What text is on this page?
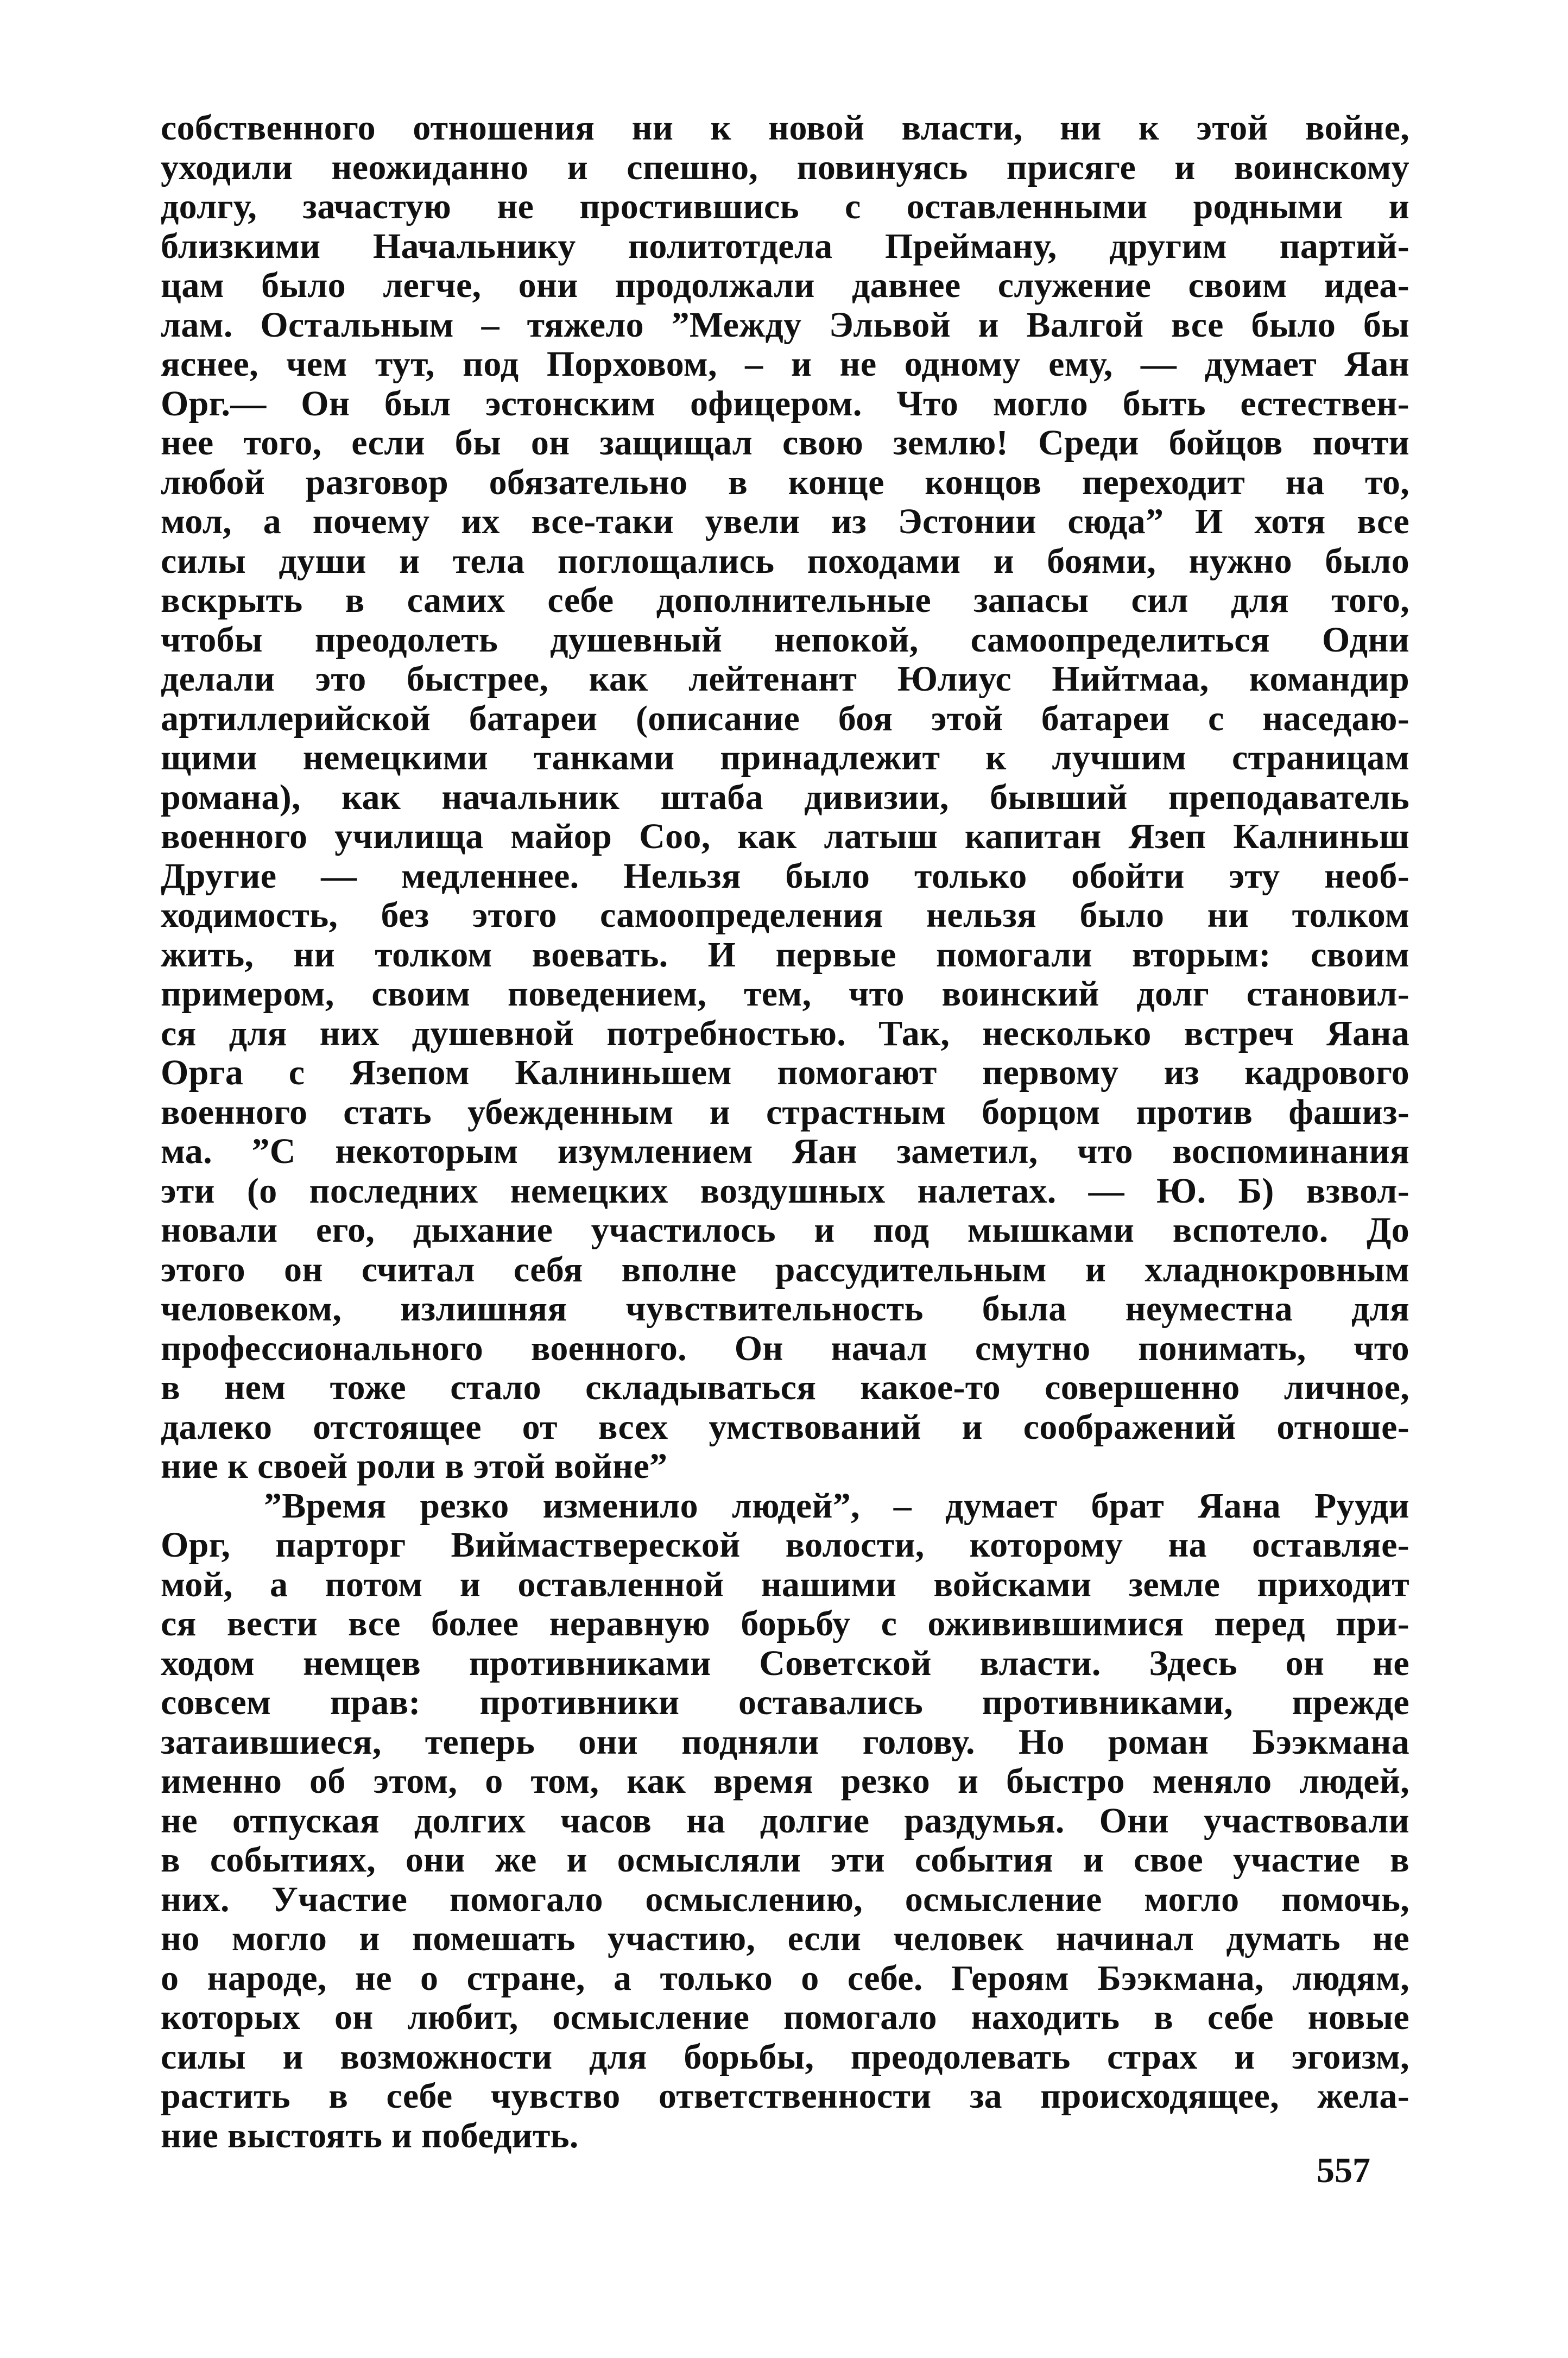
собственного отношения ни к новой власти, ни к этой войне,
уходили неожиданно и спешно, повинуясь присяге и воинскому
долгу, зачастую не простившись с оставленными родными и
близкими Начальнику политотдела Прейману, другим партий-
цам было легче, они продолжали давнее служение своим идеа-
лам. Остальным – тяжело ”Между Эльвой и Валгой все было бы
яснее, чем тут, под Порховом, – и не одному ему, — думает Яан
Орг.— Он был эстонским офицером. Что могло быть естествен-
нее того, если бы он защищал свою землю! Среди бойцов почти
любой разговор обязательно в конце концов переходит на то,
мол, а почему их все-таки увели из Эстонии сюда” И хотя все
силы души и тела поглощались походами и боями, нужно было
вскрыть в самих себе дополнительные запасы сил для того,
чтобы преодолеть душевный непокой, самоопределиться Одни
делали это быстрее, как лейтенант Юлиус Нийтмаа, командир
артиллерийской батареи (описание боя этой батареи с наседаю-
щими немецкими танками принадлежит к лучшим страницам
романа), как начальник штаба дивизии, бывший преподаватель
военного училища майор Соо, как латыш капитан Язеп Калниньш
Другие — медленнее. Нельзя было только обойти эту необ-
ходимость, без этого самоопределения нельзя было ни толком
жить, ни толком воевать. И первые помогали вторым: своим
примером, своим поведением, тем, что воинский долг становил-
ся для них душевной потребностью. Так, несколько встреч Яана
Орга с Язепом Калниньшем помогают первому из кадрового
военного стать убежденным и страстным борцом против фашиз-
ма. ”С некоторым изумлением Яан заметил, что воспоминания
эти (о последних немецких воздушных налетах. — Ю. Б) взвол-
новали его, дыхание участилось и под мышками вспотело. До
этого он считал себя вполне рассудительным и хладнокровным
человеком, излишняя чувствительность была неуместна для
профессионального военного. Он начал смутно понимать, что
в нем тоже стало складываться какое-то совершенно личное,
далеко отстоящее от всех умствований и соображений отноше-
ние к своей роли в этой войне”
”Время резко изменило людей”, – думает брат Яана Рууди
Орг, парторг Виймаствереской волости, которому на оставляе-
мой, а потом и оставленной нашими войсками земле приходит
ся вести все более неравную борьбу с оживившимися перед при-
ходом немцев противниками Советской власти. Здесь он не
совсем прав: противники оставались противниками, прежде
затаившиеся, теперь они подняли голову. Но роман Бээкмана
именно об этом, о том, как время резко и быстро меняло людей,
не отпуская долгих часов на долгие раздумья. Они участвовали
в событиях, они же и осмысляли эти события и свое участие в
них. Участие помогало осмыслению, осмысление могло помочь,
но могло и помешать участию, если человек начинал думать не
о народе, не о стране, а только о себе. Героям Бээкмана, людям,
которых он любит, осмысление помогало находить в себе новые
силы и возможности для борьбы, преодолевать страх и эгоизм,
растить в себе чувство ответственности за происходящее, жела-
ние выстоять и победить.
557
